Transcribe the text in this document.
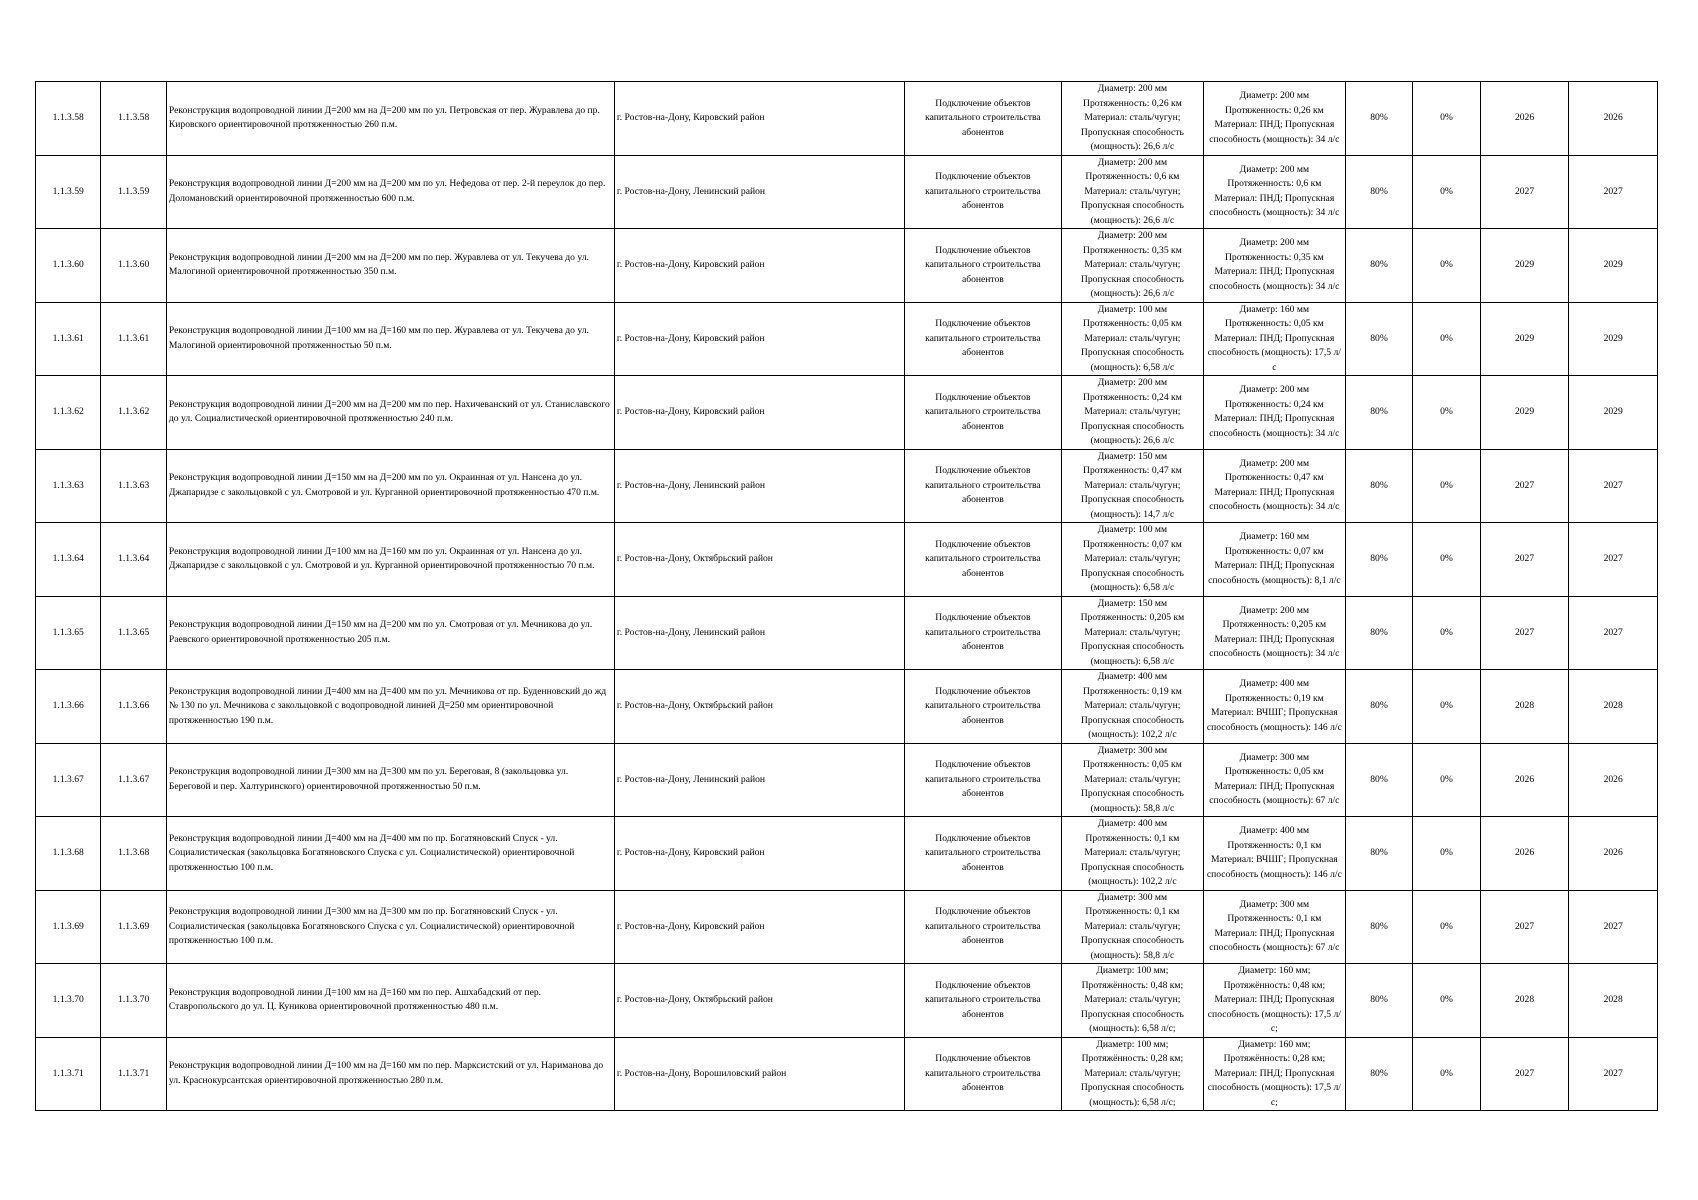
1.1.3.58	1.1.3.58	Реконструкция водопроводной линии Д=200 мм на Д=200 мм по ул. Петровская от пер. Журавлева до пр. Кировского ориентировочной протяженностью 260 п.м.	г. Ростов-на-Дону, Кировский район	Подключение объектов капитального строительства абонентов	Диаметр: 200 мм Протяженность: 0,26 км Материал: сталь/чугун; Пропускная способность (мощность): 26,6 л/с	Диаметр: 200 мм Протяженность: 0,26 км Материал: ПНД; Пропускная способность (мощность): 34 л/с	80%	0%	2026	2026
1.1.3.59	1.1.3.59	Реконструкция водопроводной линии Д=200 мм на Д=200 мм по ул. Нефедова от пер. 2-й переулок до пер. Доломановский ориентировочной протяженностью 600 п.м.	г. Ростов-на-Дону, Ленинский район	Подключение объектов капитального строительства абонентов	Диаметр: 200 мм Протяженность: 0,6 км Материал: сталь/чугун; Пропускная способность (мощность): 26,6 л/с	Диаметр: 200 мм Протяженность: 0,6 км Материал: ПНД; Пропускная способность (мощность): 34 л/с	80%	0%	2027	2027
1.1.3.60	1.1.3.60	Реконструкция водопроводной линии Д=200 мм на Д=200 мм по пер. Журавлева от ул. Текучева до ул. Малогиной ориентировочной протяженностью 350 п.м.	г. Ростов-на-Дону, Кировский район	Подключение объектов капитального строительства абонентов	Диаметр: 200 мм Протяженность: 0,35 км Материал: сталь/чугун; Пропускная способность (мощность): 26,6 л/с	Диаметр: 200 мм Протяженность: 0,35 км Материал: ПНД; Пропускная способность (мощность): 34 л/с	80%	0%	2029	2029
1.1.3.61	1.1.3.61	Реконструкция водопроводной линии Д=100 мм на Д=160 мм по пер. Журавлева от ул. Текучева до ул. Малогиной ориентировочной протяженностью 50 п.м.	г. Ростов-на-Дону, Кировский район	Подключение объектов капитального строительства абонентов	Диаметр: 100 мм Протяженность: 0,05 км Материал: сталь/чугун; Пропускная способность (мощность): 6,58 л/с	Диаметр: 160 мм Протяженность: 0,05 км Материал: ПНД; Пропускная способность (мощность): 17,5 л/с	80%	0%	2029	2029
1.1.3.62	1.1.3.62	Реконструкция водопроводной линии Д=200 мм на Д=200 мм по пер. Нахичеванский от ул. Станиславского до ул. Социалистической ориентировочной протяженностью 240 п.м.	г. Ростов-на-Дону, Кировский район	Подключение объектов капитального строительства абонентов	Диаметр: 200 мм Протяженность: 0,24 км Материал: сталь/чугун; Пропускная способность (мощность): 26,6 л/с	Диаметр: 200 мм Протяженность: 0,24 км Материал: ПНД; Пропускная способность (мощность): 34 л/с	80%	0%	2029	2029
1.1.3.63	1.1.3.63	Реконструкция водопроводной линии Д=150 мм на Д=200 мм по ул. Окраинная от ул. Нансена до ул. Джапаридзе с закольцовкой с ул. Смотровой и ул. Курганной ориентировочной протяженностью 470 п.м.	г. Ростов-на-Дону, Ленинский район	Подключение объектов капитального строительства абонентов	Диаметр: 150 мм Протяженность: 0,47 км Материал: сталь/чугун; Пропускная способность (мощность): 14,7 л/с	Диаметр: 200 мм Протяженность: 0,47 км Материал: ПНД; Пропускная способность (мощность): 34 л/с	80%	0%	2027	2027
1.1.3.64	1.1.3.64	Реконструкция водопроводной линии Д=100 мм на Д=160 мм по ул. Окраинная от ул. Нансена до ул. Джапаридзе с закольцовкой с ул. Смотровой и ул. Курганной ориентировочной протяженностью 70 п.м.	г. Ростов-на-Дону, Октябрьский район	Подключение объектов капитального строительства абонентов	Диаметр: 100 мм Протяженность: 0,07 км Материал: сталь/чугун; Пропускная способность (мощность): 6,58 л/с	Диаметр: 160 мм Протяженность: 0,07 км Материал: ПНД; Пропускная способность (мощность): 8,1 л/с	80%	0%	2027	2027
1.1.3.65	1.1.3.65	Реконструкция водопроводной линии Д=150 мм на Д=200 мм по ул. Смотровая от ул. Мечникова до ул. Раевского ориентировочной протяженностью 205 п.м.	г. Ростов-на-Дону, Ленинский район	Подключение объектов капитального строительства абонентов	Диаметр: 150 мм Протяженность: 0,205 км Материал: сталь/чугун; Пропускная способность (мощность): 6,58 л/с	Диаметр: 200 мм Протяженность: 0,205 км Материал: ПНД; Пропускная способность (мощность): 34 л/с	80%	0%	2027	2027
1.1.3.66	1.1.3.66	Реконструкция водопроводной линии Д=400 мм на Д=400 мм по ул. Мечникова от пр. Буденновский до жд № 130 по ул. Мечникова с закольцовкой с водопроводной линией Д=250 мм ориентировочной протяженностью 190 п.м.	г. Ростов-на-Дону, Октябрьский район	Подключение объектов капитального строительства абонентов	Диаметр: 400 мм Протяженность: 0,19 км Материал: сталь/чугун; Пропускная способность (мощность): 102,2 л/с	Диаметр: 400 мм Протяженность: 0,19 км Материал: ВЧШГ; Пропускная способность (мощность): 146 л/с	80%	0%	2028	2028
1.1.3.67	1.1.3.67	Реконструкция водопроводной линии Д=300 мм на Д=300 мм по ул. Береговая, 8 (закольцовка ул. Береговой и пер. Халтуринского) ориентировочной протяженностью 50 п.м.	г. Ростов-на-Дону, Ленинский район	Подключение объектов капитального строительства абонентов	Диаметр: 300 мм Протяженность: 0,05 км Материал: сталь/чугун; Пропускная способность (мощность): 58,8 л/с	Диаметр: 300 мм Протяженность: 0,05 км Материал: ПНД; Пропускная способность (мощность): 67 л/с	80%	0%	2026	2026
1.1.3.68	1.1.3.68	Реконструкция водопроводной линии Д=400 мм на Д=400 мм по пр. Богатяновский Спуск - ул. Социалистическая (закольцовка Богатяновского Спуска с ул. Социалистической) ориентировочной протяженностью 100 п.м.	г. Ростов-на-Дону, Кировский район	Подключение объектов капитального строительства абонентов	Диаметр: 400 мм Протяженность: 0,1 км Материал: сталь/чугун; Пропускная способность (мощность): 102,2 л/с	Диаметр: 400 мм Протяженность: 0,1 км Материал: ВЧШГ; Пропускная способность (мощность): 146 л/с	80%	0%	2026	2026
1.1.3.69	1.1.3.69	Реконструкция водопроводной линии Д=300 мм на Д=300 мм по пр. Богатяновский Спуск - ул. Социалистическая (закольцовка Богатяновского Спуска с ул. Социалистической) ориентировочной протяженностью 100 п.м.	г. Ростов-на-Дону, Кировский район	Подключение объектов капитального строительства абонентов	Диаметр: 300 мм Протяженность: 0,1 км Материал: сталь/чугун; Пропускная способность (мощность): 58,8 л/с	Диаметр: 300 мм Протяженность: 0,1 км Материал: ПНД; Пропускная способность (мощность): 67 л/с	80%	0%	2027	2027
1.1.3.70	1.1.3.70	Реконструкция водопроводной линии Д=100 мм на Д=160 мм по пер. Ашхабадский от пер. Ставропольского до ул. Ц. Куникова ориентировочной протяженностью 480 п.м.	г. Ростов-на-Дону, Октябрьский район	Подключение объектов капитального строительства абонентов	Диаметр: 100 мм; Протяжённость: 0,48 км; Материал: сталь/чугун; Пропускная способность (мощность): 6,58 л/с;	Диаметр: 160 мм; Протяжённость: 0,48 км; Материал: ПНД; Пропускная способность (мощность): 17,5 л/с;	80%	0%	2028	2028
1.1.3.71	1.1.3.71	Реконструкция водопроводной линии Д=100 мм на Д=160 мм по пер. Марксистский от ул. Нариманова до ул. Краснокурсантская ориентировочной протяженностью 280 п.м.	г. Ростов-на-Дону, Ворошиловский район	Подключение объектов капитального строительства абонентов	Диаметр: 100 мм; Протяжённость: 0,28 км; Материал: сталь/чугун; Пропускная способность (мощность): 6,58 л/с;	Диаметр: 160 мм; Протяжённость: 0,28 км; Материал: ПНД; Пропускная способность (мощность): 17,5 л/с;	80%	0%	2027	2027
